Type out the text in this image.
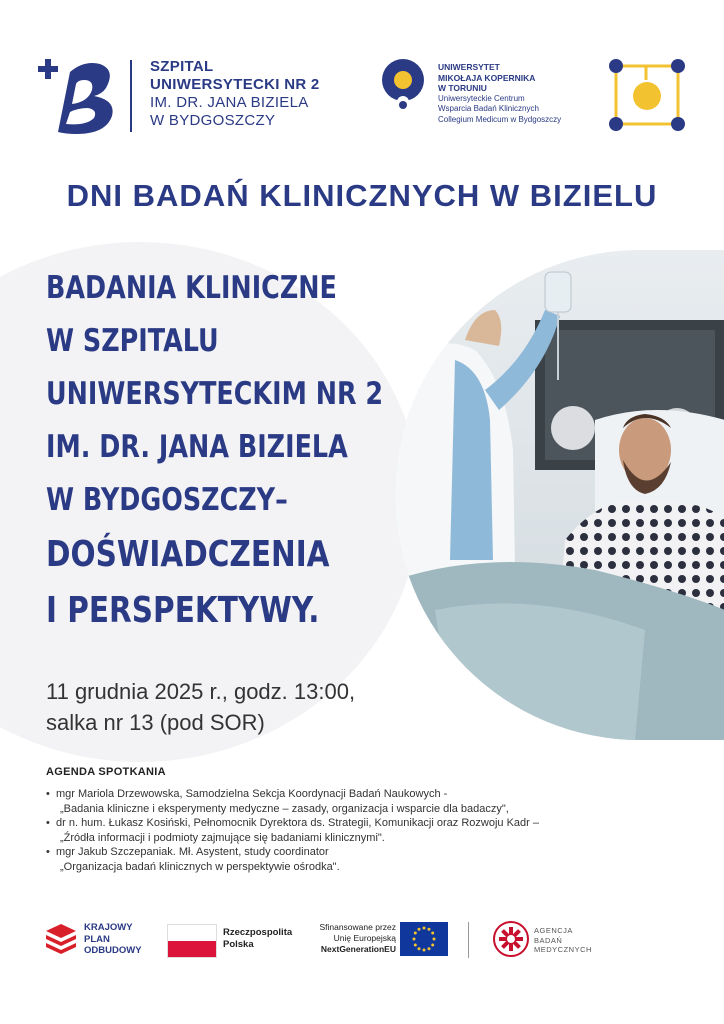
SZPITAL
UNIWERSYTECKI NR 2
IM. DR. JANA BIZIELA
W BYDGOSZCZY
UNIWERSYTET
MIKOŁAJA KOPERNIKA
W TORUNIU
Uniwersyteckie Centrum
Wsparcia Badań Klinicznych
Collegium Medicum w Bydgoszczy
DNI BADAŃ KLINICZNYCH W BIZIELU
BADANIA KLINICZNE
W SZPITALU
UNIWERSYTECKIM NR 2
IM. DR. JANA BIZIELA
W BYDGOSZCZY–
DOŚWIADCZENIA
I PERSPEKTYWY.
11 grudnia 2025 r., godz. 13:00,
salka nr 13 (pod SOR)
AGENDA SPOTKANIA
• mgr Mariola Drzewowska, Samodzielna Sekcja Koordynacji Badań Naukowych -
„Badania kliniczne i eksperymenty medyczne – zasady, organizacja i wsparcie dla badaczy",
• dr n. hum. Łukasz Kosiński, Pełnomocnik Dyrektora ds. Strategii, Komunikacji oraz Rozwoju Kadr –
„Źródła informacji i podmioty zajmujące się badaniami klinicznymi".
• mgr Jakub Szczepaniak. Mł. Asystent, study coordinator
„Organizacja badań klinicznych w perspektywie ośrodka".
KRAJOWY
PLAN
ODBUDOWY
Rzeczpospolita
Polska
Sfinansowane przez
Unię Europejską
NextGenerationEU
AGENCJA
BADAŃ
MEDYCZNYCH
